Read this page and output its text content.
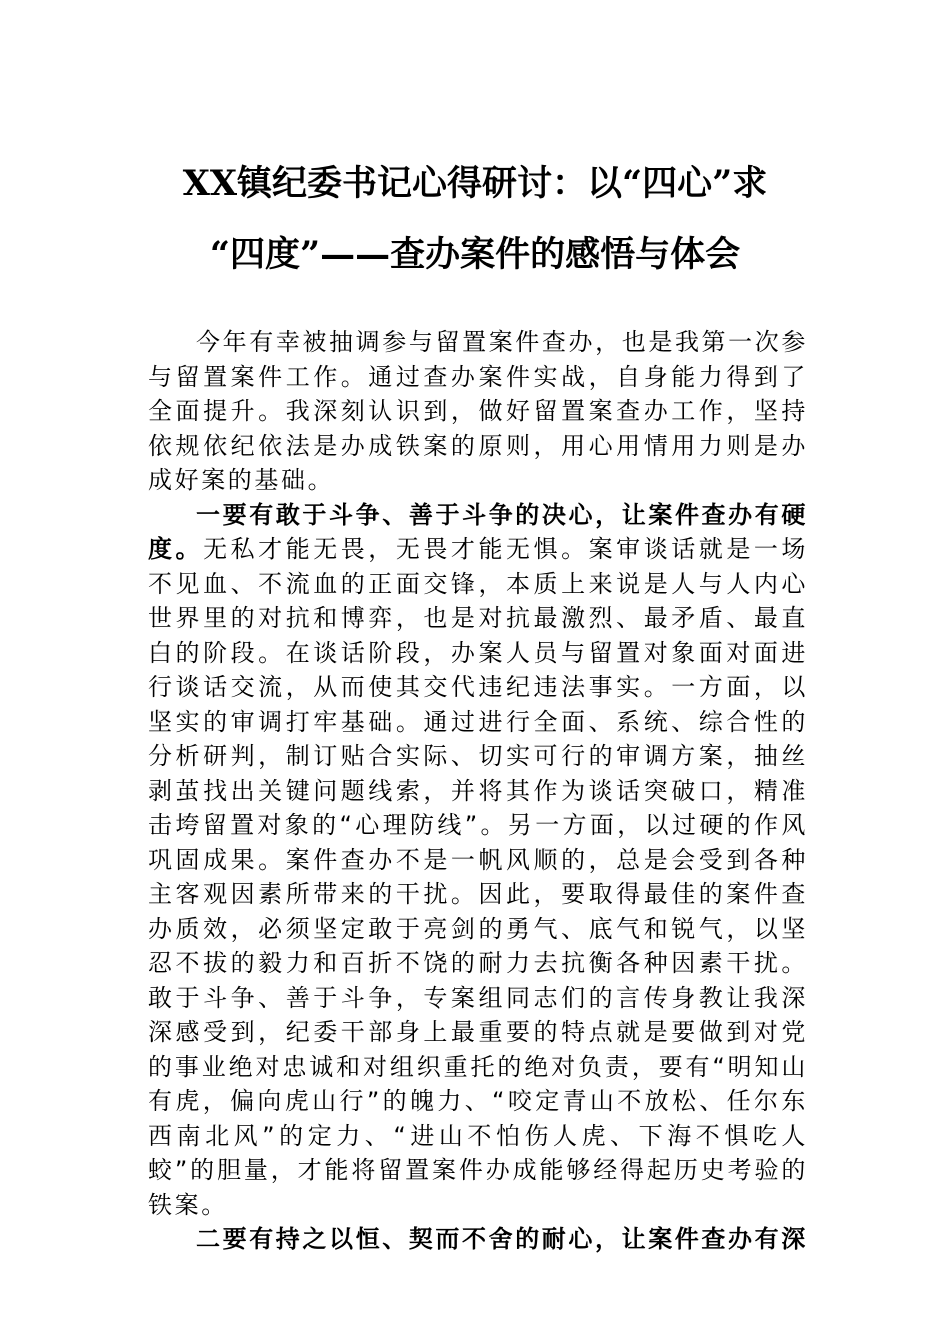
XX镇纪委书记心得研讨：以“四心”求
“四度”——查办案件的感悟与体会

今年有幸被抽调参与留置案件查办，也是我第一次参与留置案件工作。通过查办案件实战，自身能力得到了全面提升。我深刻认识到，做好留置案查办工作，坚持依规依纪依法是办成铁案的原则，用心用情用力则是办成好案的基础。

一要有敢于斗争、善于斗争的决心，让案件查办有硬度。无私才能无畏，无畏才能无惧。案审谈话就是一场不见血、不流血的正面交锋，本质上来说是人与人内心世界里的对抗和博弈，也是对抗最激烈、最矛盾、最直白的阶段。在谈话阶段，办案人员与留置对象面对面进行谈话交流，从而使其交代违纪违法事实。一方面，以坚实的审调打牢基础。通过进行全面、系统、综合性的分析研判，制订贴合实际、切实可行的审调方案，抽丝剥茧找出关键问题线索，并将其作为谈话突破口，精准击垮留置对象的“心理防线”。另一方面，以过硬的作风巩固成果。案件查办不是一帆风顺的，总是会受到各种主客观因素所带来的干扰。因此，要取得最佳的案件查办质效，必须坚定敢于亮剑的勇气、底气和锐气，以坚忍不拔的毅力和百折不饶的耐力去抗衡各种因素干扰。敢于斗争、善于斗争，专案组同志们的言传身教让我深深感受到，纪委干部身上最重要的特点就是要做到对党的事业绝对忠诚和对组织重托的绝对负责，要有“明知山有虎，偏向虎山行”的魄力、“咬定青山不放松、任尔东西南北风”的定力、“进山不怕伤人虎、下海不惧吃人蛟”的胆量，才能将留置案件办成能够经得起历史考验的铁案。

二要有持之以恒、契而不舍的耐心，让案件查办有深
